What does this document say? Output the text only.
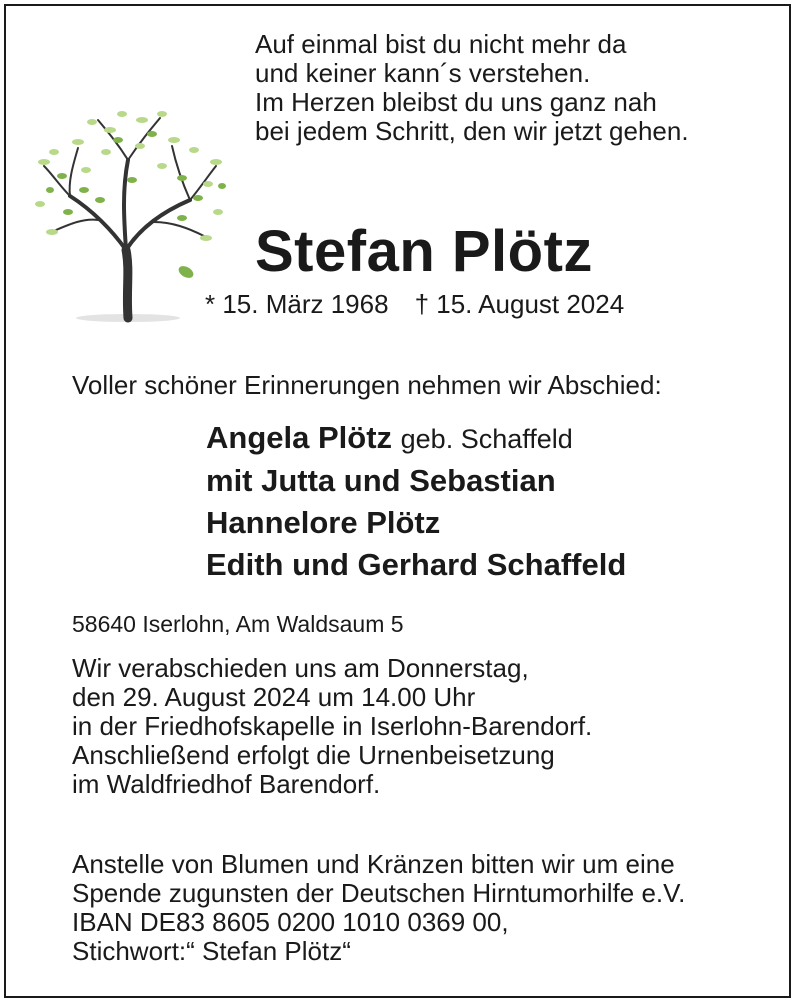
Auf einmal bist du nicht mehr da
und keiner kann´s verstehen.
Im Herzen bleibst du uns ganz nah
bei jedem Schritt, den wir jetzt gehen.
Stefan Plötz
* 15. März 1968 † 15. August 2024
Voller schöner Erinnerungen nehmen wir Abschied:
Angela Plötz geb. Schaffeld
mit Jutta und Sebastian
Hannelore Plötz
Edith und Gerhard Schaffeld
58640 Iserlohn, Am Waldsaum 5
Wir verabschieden uns am Donnerstag,
den 29. August 2024 um 14.00 Uhr
in der Friedhofskapelle in Iserlohn-Barendorf.
Anschließend erfolgt die Urnenbeisetzung
im Waldfriedhof Barendorf.
Anstelle von Blumen und Kränzen bitten wir um eine
Spende zugunsten der Deutschen Hirntumorhilfe e.V.
IBAN DE83 8605 0200 1010 0369 00,
Stichwort:“ Stefan Plötz“
